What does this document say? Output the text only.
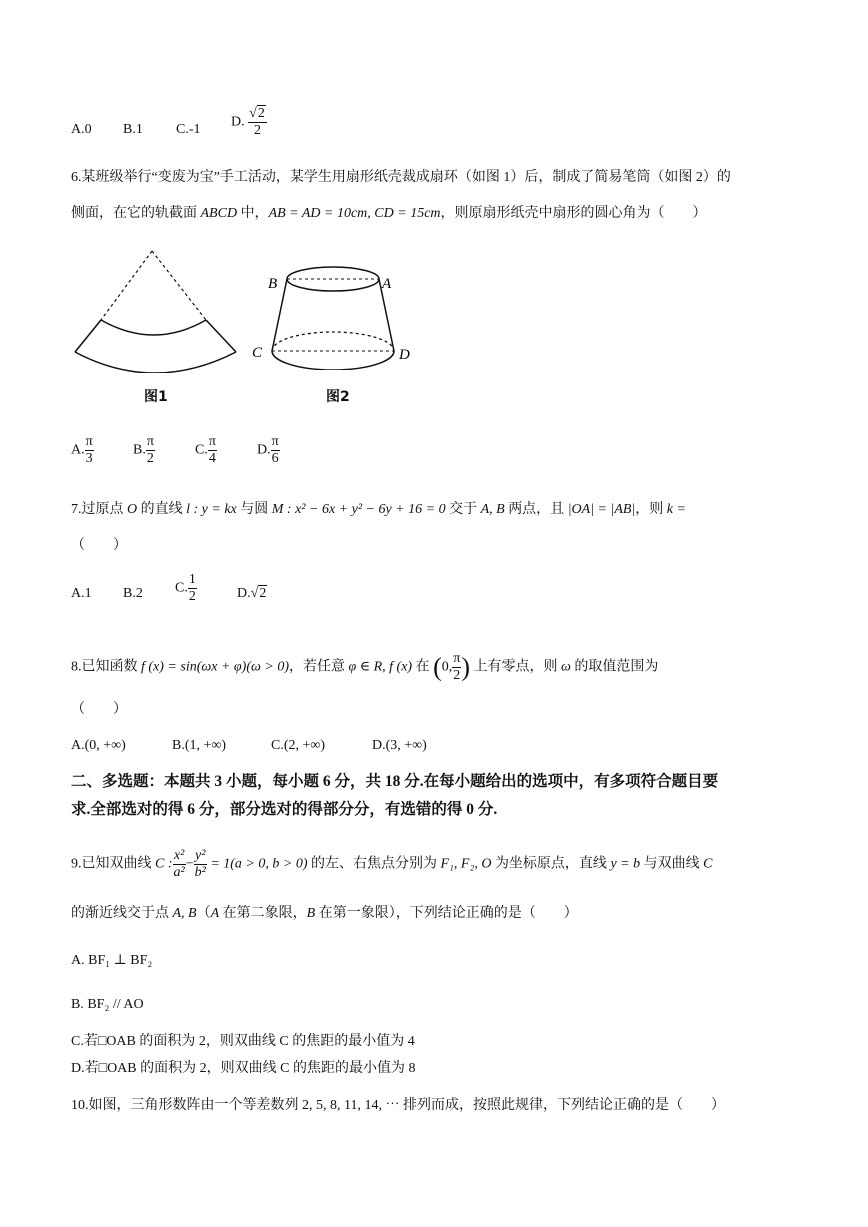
A.0 B.1 C.-1 D. $\frac{√2}{2}$
6.某班级举行“变废为宝”手工活动，某学生用扇形纸壳裁成扇环（如图 1）后，制成了简易笔筒（如图 2）的
侧面，在它的轨截面 ABCD 中，AB = AD = 10cm, CD = 15cm，则原扇形纸壳中扇形的圆心角为（　　）
图1
B	A
C	D
图2
A. $\frac{\pi}{3}$	B. $\frac{\pi}{2}$	C. $\frac{\pi}{4}$	D. $\frac{\pi}{6}$
7.过原点 O 的直线 l : y = kx 与圆 M : x² − 6x + y² − 6y + 16 = 0 交于 A, B 两点，且 |OA| = |AB|，则 k =
（　　）
A.1 B.2 C. $\frac{1}{2}$	D.√2
8.已知函数 f (x) = sin(ωx + φ)(ω > 0)，若任意 φ ∈ R, f (x) 在 (0, $\frac{\pi}{2}$ ) 上有零点，则 ω 的取值范围为
（　　）
A.(0, +∞)	B.(1, +∞)	C.(2, +∞)	D.(3, +∞)
二、多选题：本题共 3 小题，每小题 6 分，共 18 分.在每小题给出的选项中，有多项符合题目要
求.全部选对的得 6 分，部分选对的得部分分，有选错的得 0 分.
9.已知双曲线 C : $\frac{\text{x²}}{\text{a²}} - \frac{\text{y²}}{\text{b²}} = 1(a > 0$, b > 0) 的左、右焦点分别为 F₁, F₂, O 为坐标原点，直线 y = b 与双曲线 C
的渐近线交于点 A, B（A 在第二象限，B 在第一象限），下列结论正确的是（　　）
A. BF₁ ⊥ BF₂
B. BF₂ // AO
C.若□OAB 的面积为 2，则双曲线 C 的焦距的最小值为 4
D.若□OAB 的面积为 2，则双曲线 C 的焦距的最小值为 8
10.如图，三角形数阵由一个等差数列 2, 5, 8, 11, 14, ⋯ 排列而成，按照此规律，下列结论正确的是（　　）
